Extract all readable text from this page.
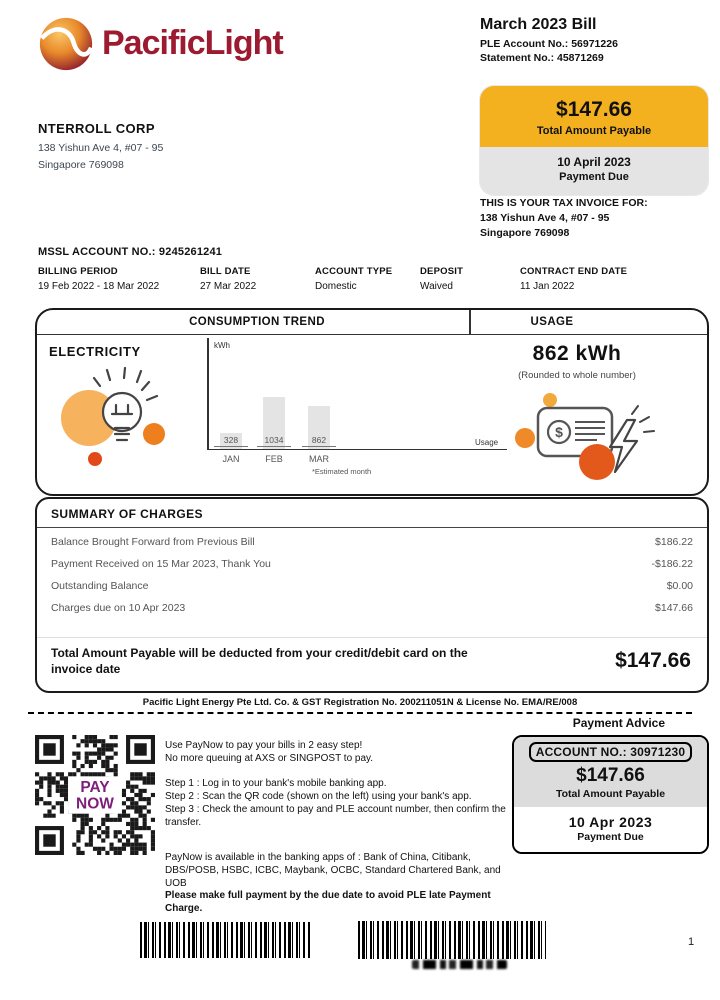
PacificLight	March 2023 Bill
PLE Account No.: 56971226
Statement No.: 45871269
$147.66
Total Amount Payable
10 April 2023
Payment Due
NTERROLL CORP
138 Yishun Ave 4, #07 - 95
Singapore 769098
THIS IS YOUR TAX INVOICE FOR:
138 Yishun Ave 4, #07 - 95
Singapore 769098
MSSL ACCOUNT NO.: 9245261241
BILLING PERIOD	BILL DATE	ACCOUNT TYPE	DEPOSIT	CONTRACT END DATE
19 Feb 2022 - 18 Mar 2022	27 Mar 2022	Domestic	Waived	11 Jan 2022
CONSUMPTION TREND	USAGE
ELECTRICITY	kWh
328	1034	862	Usage
JAN	FEB	MAR
*Estimated month
862 kWh
(Rounded to whole number)
$
SUMMARY OF CHARGES
Balance Brought Forward from Previous Bill	$186.22
Payment Received on 15 Mar 2023, Thank You	-$186.22
Outstanding Balance	$0.00
Charges due on 10 Apr 2023	$147.66
Total Amount Payable will be deducted from your credit/debit card on the invoice date	$147.66
Pacific Light Energy Pte Ltd. Co. & GST Registration No. 200211051N & License No. EMA/RE/008
Payment Advice
PAY
NOW
Use PayNow to pay your bills in 2 easy step!
No more queuing at AXS or SINGPOST to pay.
Step 1 : Log in to your bank's mobile banking app.
Step 2 : Scan the QR code (shown on the left) using your bank's app.
Step 3 : Check the amount to pay and PLE account number, then confirm the transfer.
PayNow is available in the banking apps of : Bank of China, Citibank, DBS/POSB, HSBC, ICBC, Maybank, OCBC, Standard Chartered Bank, and UOB
Please make full payment by the due date to avoid PLE late Payment Charge.
ACCOUNT NO.: 30971230
$147.66
Total Amount Payable
10 Apr 2023
Payment Due
1
